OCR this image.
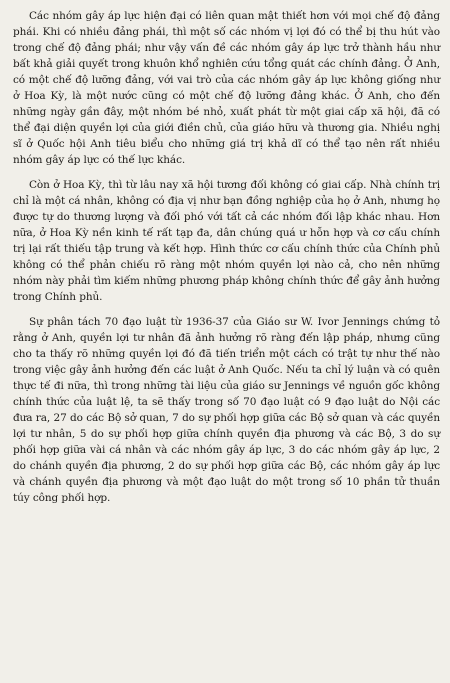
Các nhóm gây áp lực hiện đại có liên quan mật thiết hơn với mọi chế độ đảng phái. Khi có nhiều đảng phái, thì một số các nhóm vị lợi đó có thể bị thu hút vào trong chế độ đảng phái; như vậy vấn đề các nhóm gây áp lực trở thành hầu như bất khả giải quyết trong khuôn khổ nghiên cứu tổng quát các chính đảng. Ở Anh, có một chế độ lưỡng đảng, với vai trò của các nhóm gây áp lực không giống như ở Hoa Kỳ, là một nước cũng có một chế độ lưỡng đảng khác. Ở Anh, cho đến những ngày gần đây, một nhóm bé nhỏ, xuất phát từ một giai cấp xã hội, đã có thể đại diện quyền lợi của giới điền chủ, của giáo hữu và thương gia. Nhiều nghị sĩ ở Quốc hội Anh tiêu biểu cho những giá trị khả dĩ có thể tạo nên rất nhiều nhóm gây áp lực có thế lực khác.

Còn ở Hoa Kỳ, thì từ lâu nay xã hội tương đối không có giai cấp. Nhà chính trị chỉ là một cá nhân, không có địa vị như bạn đồng nghiệp của họ ở Anh, nhưng họ được tự do thương lượng và đối phó với tất cả các nhóm đối lập khác nhau. Hơn nữa, ở Hoa Kỳ nền kinh tế rất tạp đa, dân chúng quá ư hỗn hợp và cơ cấu chính trị lại rất thiếu tập trung và kết hợp. Hình thức cơ cấu chính thức của Chính phủ không có thể phản chiếu rõ ràng một nhóm quyền lợi nào cả, cho nên những nhóm này phải tìm kiếm những phương pháp không chính thức để gây ảnh hưởng trong Chính phủ.

Sự phân tách 70 đạo luật từ 1936-37 của Giáo sư W. Ivor Jennings chứng tỏ rằng ở Anh, quyền lợi tư nhân đã ảnh hưởng rõ ràng đến lập pháp, nhưng cũng cho ta thấy rõ những quyền lợi đó đã tiến triển một cách có trật tự như thế nào trong việc gây ảnh hưởng đến các luật ở Anh Quốc. Nếu ta chỉ lý luận và có quên thực tế đi nữa, thì trong những tài liệu của giáo sư Jennings về nguồn gốc không chính thức của luật lệ, ta sẽ thấy trong số 70 đạo luật có 9 đạo luật do Nội các đưa ra, 27 do các Bộ sở quan, 7 do sự phối hợp giữa các Bộ sở quan và các quyền lợi tư nhân, 5 do sự phối hợp giữa chính quyền địa phương và các Bộ, 3 do sự phối hợp giữa vài cá nhân và các nhóm gây áp lực, 3 do các nhóm gây áp lực, 2 do chánh quyền địa phương, 2 do sự phối hợp giữa các Bộ, các nhóm gây áp lực và chánh quyền địa phương và một đạo luật do một trong số 10 phần tử thuần túy công phối hợp.
